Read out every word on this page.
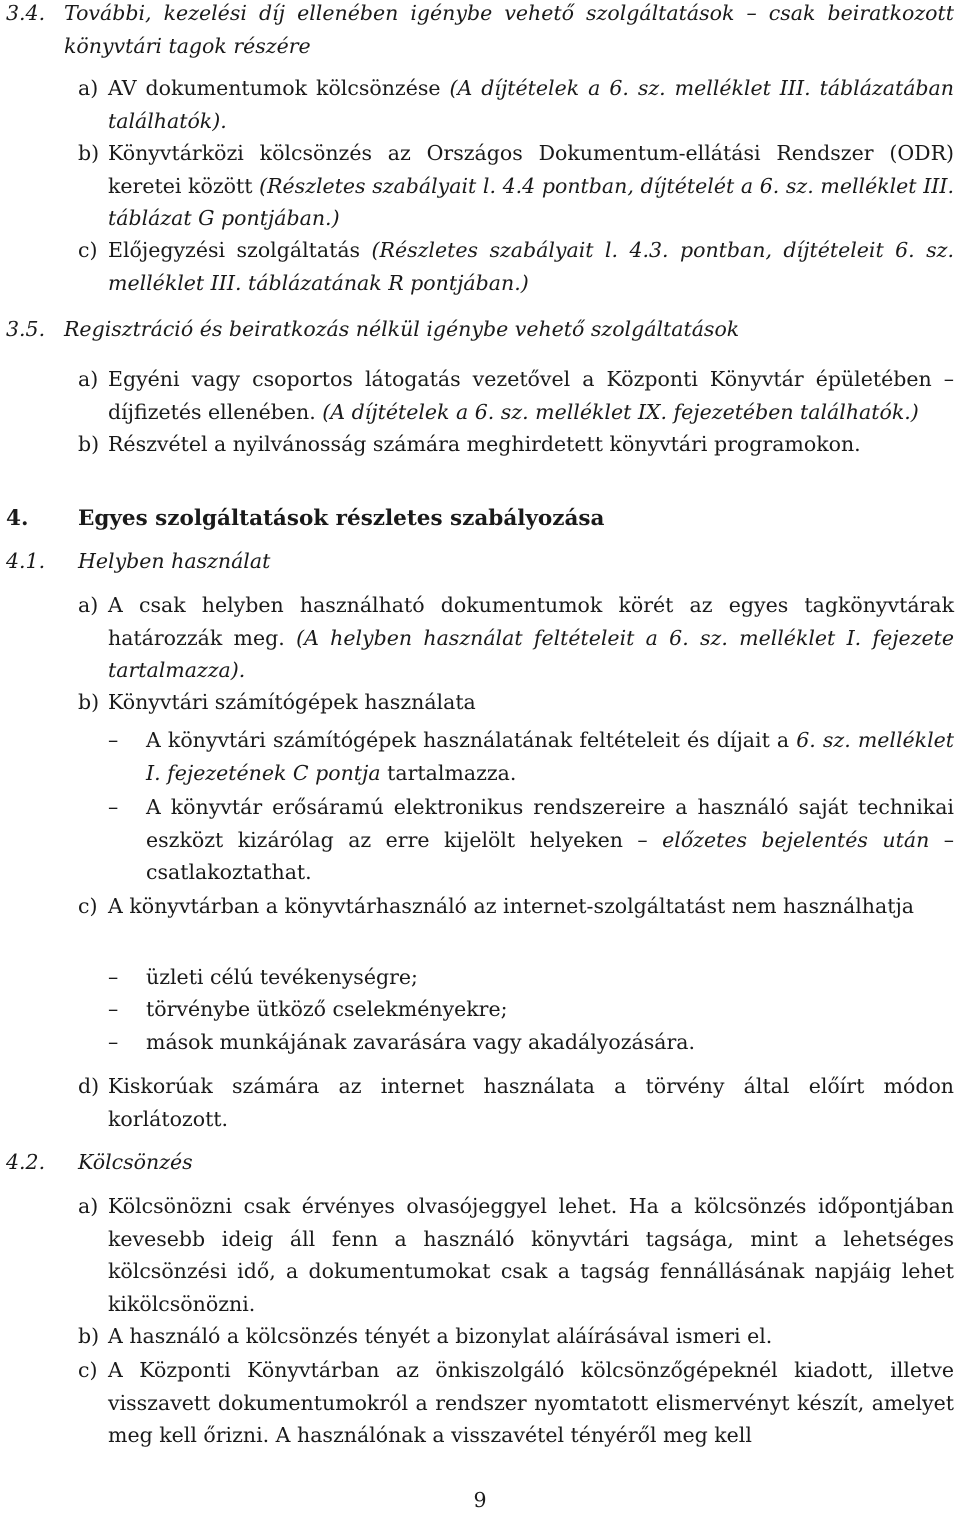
3.4. További, kezelési díj ellenében igénybe vehető szolgáltatások – csak beiratkozott könyvtári tagok részére
a) AV dokumentumok kölcsönzése (A díjtételek a 6. sz. melléklet III. táblázatában találhatók).
b) Könyvtárközi kölcsönzés az Országos Dokumentum-ellátási Rendszer (ODR) keretei között (Részletes szabályait l. 4.4 pontban, díjtételét a 6. sz. melléklet III. táblázat G pontjában.)
c) Előjegyzési szolgáltatás (Részletes szabályait l. 4.3. pontban, díjtételeit 6. sz. melléklet III. táblázatának R pontjában.)
3.5. Regisztráció és beiratkozás nélkül igénybe vehető szolgáltatások
a) Egyéni vagy csoportos látogatás vezetővel a Központi Könyvtár épületében – díjfizetés ellenében. (A díjtételek a 6. sz. melléklet IX. fejezetében találhatók.)
b) Részvétel a nyilvánosság számára meghirdetett könyvtári programokon.
4. Egyes szolgáltatások részletes szabályozása
4.1. Helyben használat
a) A csak helyben használható dokumentumok körét az egyes tagkönyvtárak határozzák meg. (A helyben használat feltételeit a 6. sz. melléklet I. fejezete tartalmazza).
b) Könyvtári számítógépek használata
– A könyvtári számítógépek használatának feltételeit és díjait a 6. sz. melléklet I. fejezetének C pontja tartalmazza.
– A könyvtár erősáramú elektronikus rendszereire a használó saját technikai eszközt kizárólag az erre kijelölt helyeken – előzetes bejelentés után – csatlakoztathat.
c) A könyvtárban a könyvtárhasználó az internet-szolgáltatást nem használhatja
– üzleti célú tevékenységre;
– törvénybe ütköző cselekményekre;
– mások munkájának zavarására vagy akadályozására.
d) Kiskorúak számára az internet használata a törvény által előírt módon korlátozott.
4.2. Kölcsönzés
a) Kölcsönözni csak érvényes olvasójeggyel lehet. Ha a kölcsönzés időpontjában kevesebb ideig áll fenn a használó könyvtári tagsága, mint a lehetséges kölcsönzési idő, a dokumentumokat csak a tagság fennállásának napjáig lehet kikölcsönözni.
b) A használó a kölcsönzés tényét a bizonylat aláírásával ismeri el.
c) A Központi Könyvtárban az önkiszolgáló kölcsönzőgépeknél kiadott, illetve visszavett dokumentumokról a rendszer nyomtatott elismervényt készít, amelyet meg kell őrizni. A használónak a visszavétel tényéről meg kell
9
